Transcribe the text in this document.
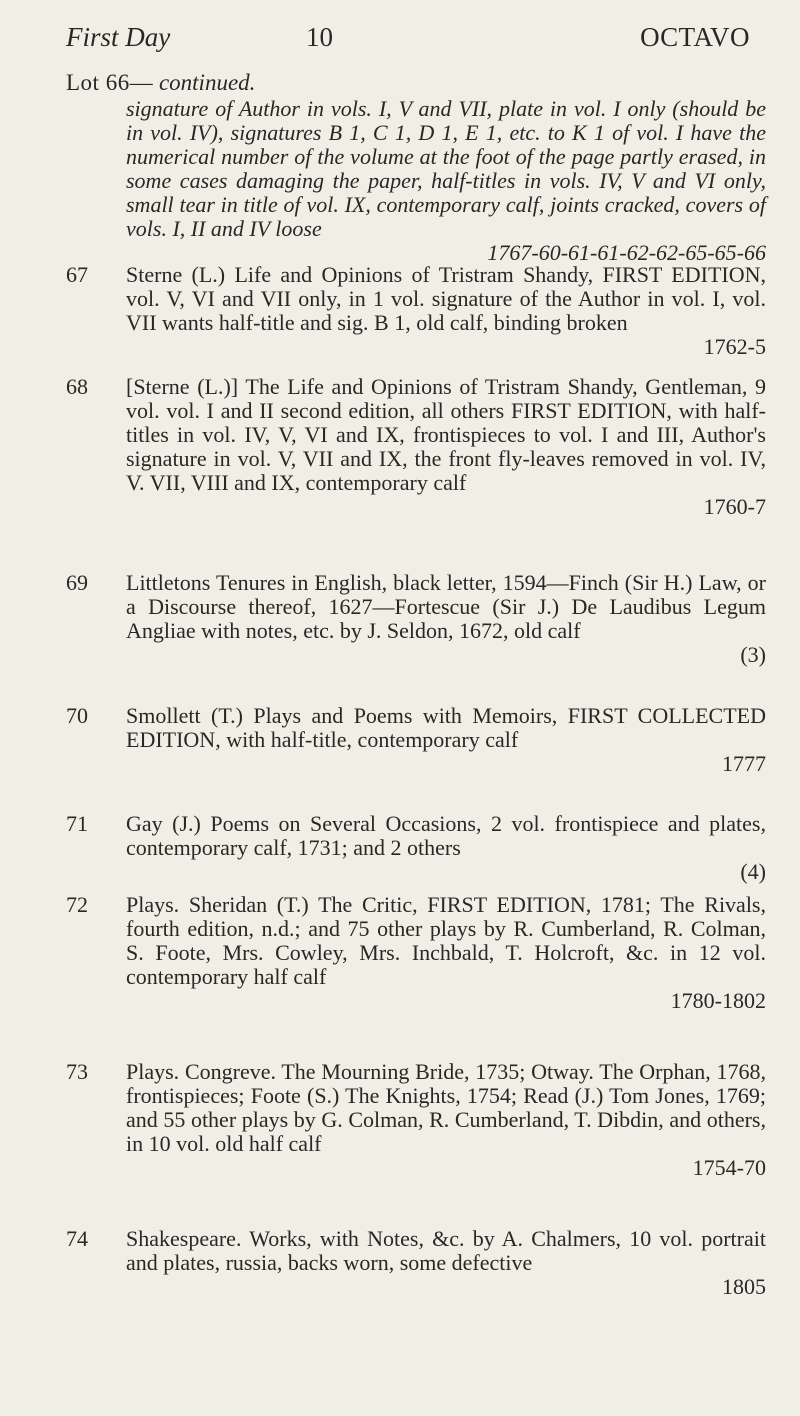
First Day	10	OCTAVO
Lot 66— continued.
signature of Author in vols. I, V and VII, plate in vol. I only (should be in vol. IV), signatures B 1, C 1, D 1, E 1, etc. to K 1 of vol. I have the numerical number of the volume at the foot of the page partly erased, in some cases damaging the paper, half-titles in vols. IV, V and VI only, small tear in title of vol. IX, contemporary calf, joints cracked, covers of vols. I, II and IV loose
1767-60-61-61-62-62-65-65-66
67	Sterne (L.) Life and Opinions of Tristram Shandy, FIRST EDITION, vol. V, VI and VII only, in 1 vol. signature of the Author in vol. I, vol. VII wants half-title and sig. B 1, old calf, binding broken
1762-5
68	[Sterne (L.)] The Life and Opinions of Tristram Shandy, Gentleman, 9 vol. vol. I and II second edition, all others FIRST EDITION, with half-titles in vol. IV, V, VI and IX, frontispieces to vol. I and III, Author's signature in vol. V, VII and IX, the front fly-leaves removed in vol. IV, V. VII, VIII and IX, contemporary calf
1760-7
69	Littletons Tenures in English, black letter, 1594—Finch (Sir H.) Law, or a Discourse thereof, 1627—Fortescue (Sir J.) De Laudibus Legum Angliae with notes, etc. by J. Seldon, 1672, old calf
(3)
70	Smollett (T.) Plays and Poems with Memoirs, FIRST COLLECTED EDITION, with half-title, contemporary calf
1777
71	Gay (J.) Poems on Several Occasions, 2 vol. frontispiece and plates, contemporary calf, 1731; and 2 others
(4)
72	Plays. Sheridan (T.) The Critic, FIRST EDITION, 1781; The Rivals, fourth edition, n.d.; and 75 other plays by R. Cumberland, R. Colman, S. Foote, Mrs. Cowley, Mrs. Inchbald, T. Holcroft, &c. in 12 vol. contemporary half calf
1780-1802
73	Plays. Congreve. The Mourning Bride, 1735; Otway. The Orphan, 1768, frontispieces; Foote (S.) The Knights, 1754; Read (J.) Tom Jones, 1769; and 55 other plays by G. Colman, R. Cumberland, T. Dibdin, and others, in 10 vol. old half calf
1754-70
74	Shakespeare. Works, with Notes, &c. by A. Chalmers, 10 vol. portrait and plates, russia, backs worn, some defective
1805
